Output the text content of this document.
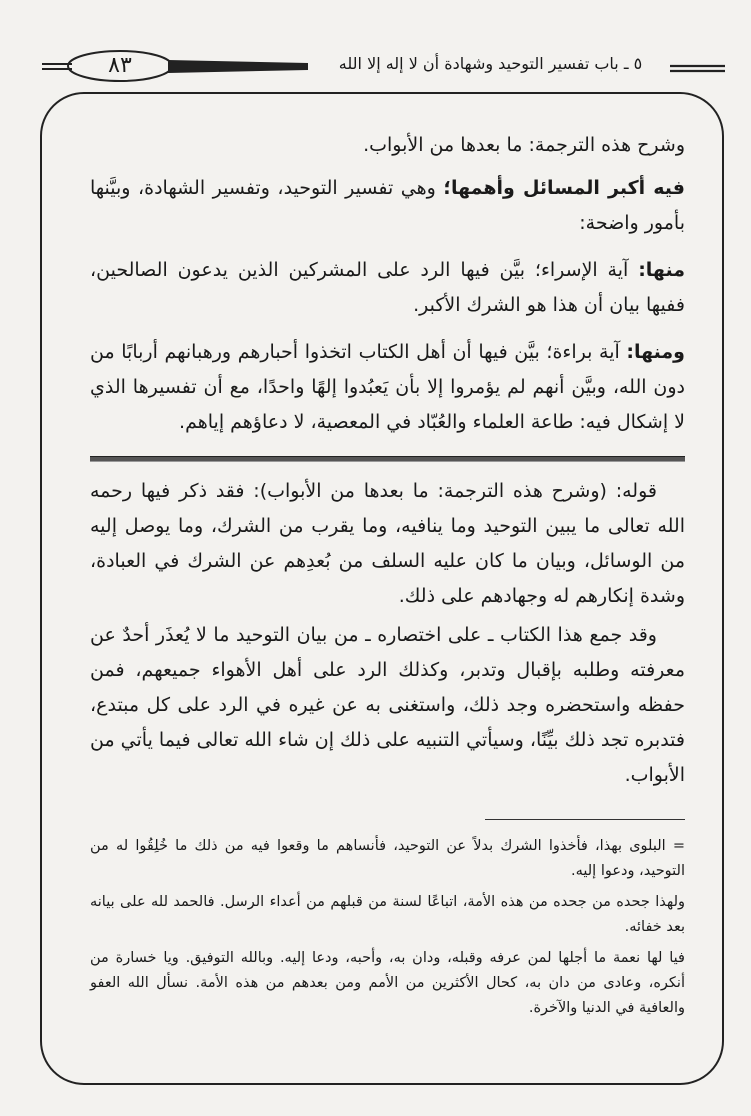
٨٣	٥ ـ باب تفسير التوحيد وشهادة أن لا إله إلا الله

وشرح هذه الترجمة: ما بعدها من الأبواب.

فيه أكبر المسائل وأهمها؛ وهي تفسير التوحيد، وتفسير الشهادة، وبيَّنها بأمور واضحة:

منها: آية الإسراء؛ بيَّن فيها الرد على المشركين الذين يدعون الصالحين، ففيها بيان أن هذا هو الشرك الأكبر.

ومنها: آية براءة؛ بيَّن فيها أن أهل الكتاب اتخذوا أحبارهم ورهبانهم أربابًا من دون الله، وبيَّن أنهم لم يؤمروا إلا بأن يَعبُدوا إلهًا واحدًا، مع أن تفسيرها الذي لا إشكال فيه: طاعة العلماء والعُبّاد في المعصية، لا دعاؤهم إياهم.

قوله: (وشرح هذه الترجمة: ما بعدها من الأبواب): فقد ذكر فيها رحمه الله تعالى ما يبين التوحيد وما ينافيه، وما يقرب من الشرك، وما يوصل إليه من الوسائل، وبيان ما كان عليه السلف من بُعدِهم عن الشرك في العبادة، وشدة إنكارهم له وجهادهم على ذلك.

وقد جمع هذا الكتاب ـ على اختصاره ـ من بيان التوحيد ما لا يُعذَر أحدٌ عن معرفته وطلبه بإقبال وتدبر، وكذلك الرد على أهل الأهواء جميعهم، فمن حفظه واستحضره وجد ذلك، واستغنى به عن غيره في الرد على كل مبتدع، فتدبره تجد ذلك بيِّنًا، وسيأتي التنبيه على ذلك إن شاء الله تعالى فيما يأتي من الأبواب.

= البلوى بهذا، فأخذوا الشرك بدلاً عن التوحيد، فأنساهم ما وقعوا فيه من ذلك ما خُلِقُوا له من التوحيد، ودعوا إليه.

ولهذا جحده من جحده من هذه الأمة، اتباعًا لسنة من قبلهم من أعداء الرسل. فالحمد لله على بيانه بعد خفائه.

فيا لها نعمة ما أجلها لمن عرفه وقبله، ودان به، وأحبه، ودعا إليه. وبالله التوفيق. ويا خسارة من أنكره، وعادى من دان به، كحال الأكثرين من الأمم ومن بعدهم من هذه الأمة. نسأل الله العفو والعافية في الدنيا والآخرة.
